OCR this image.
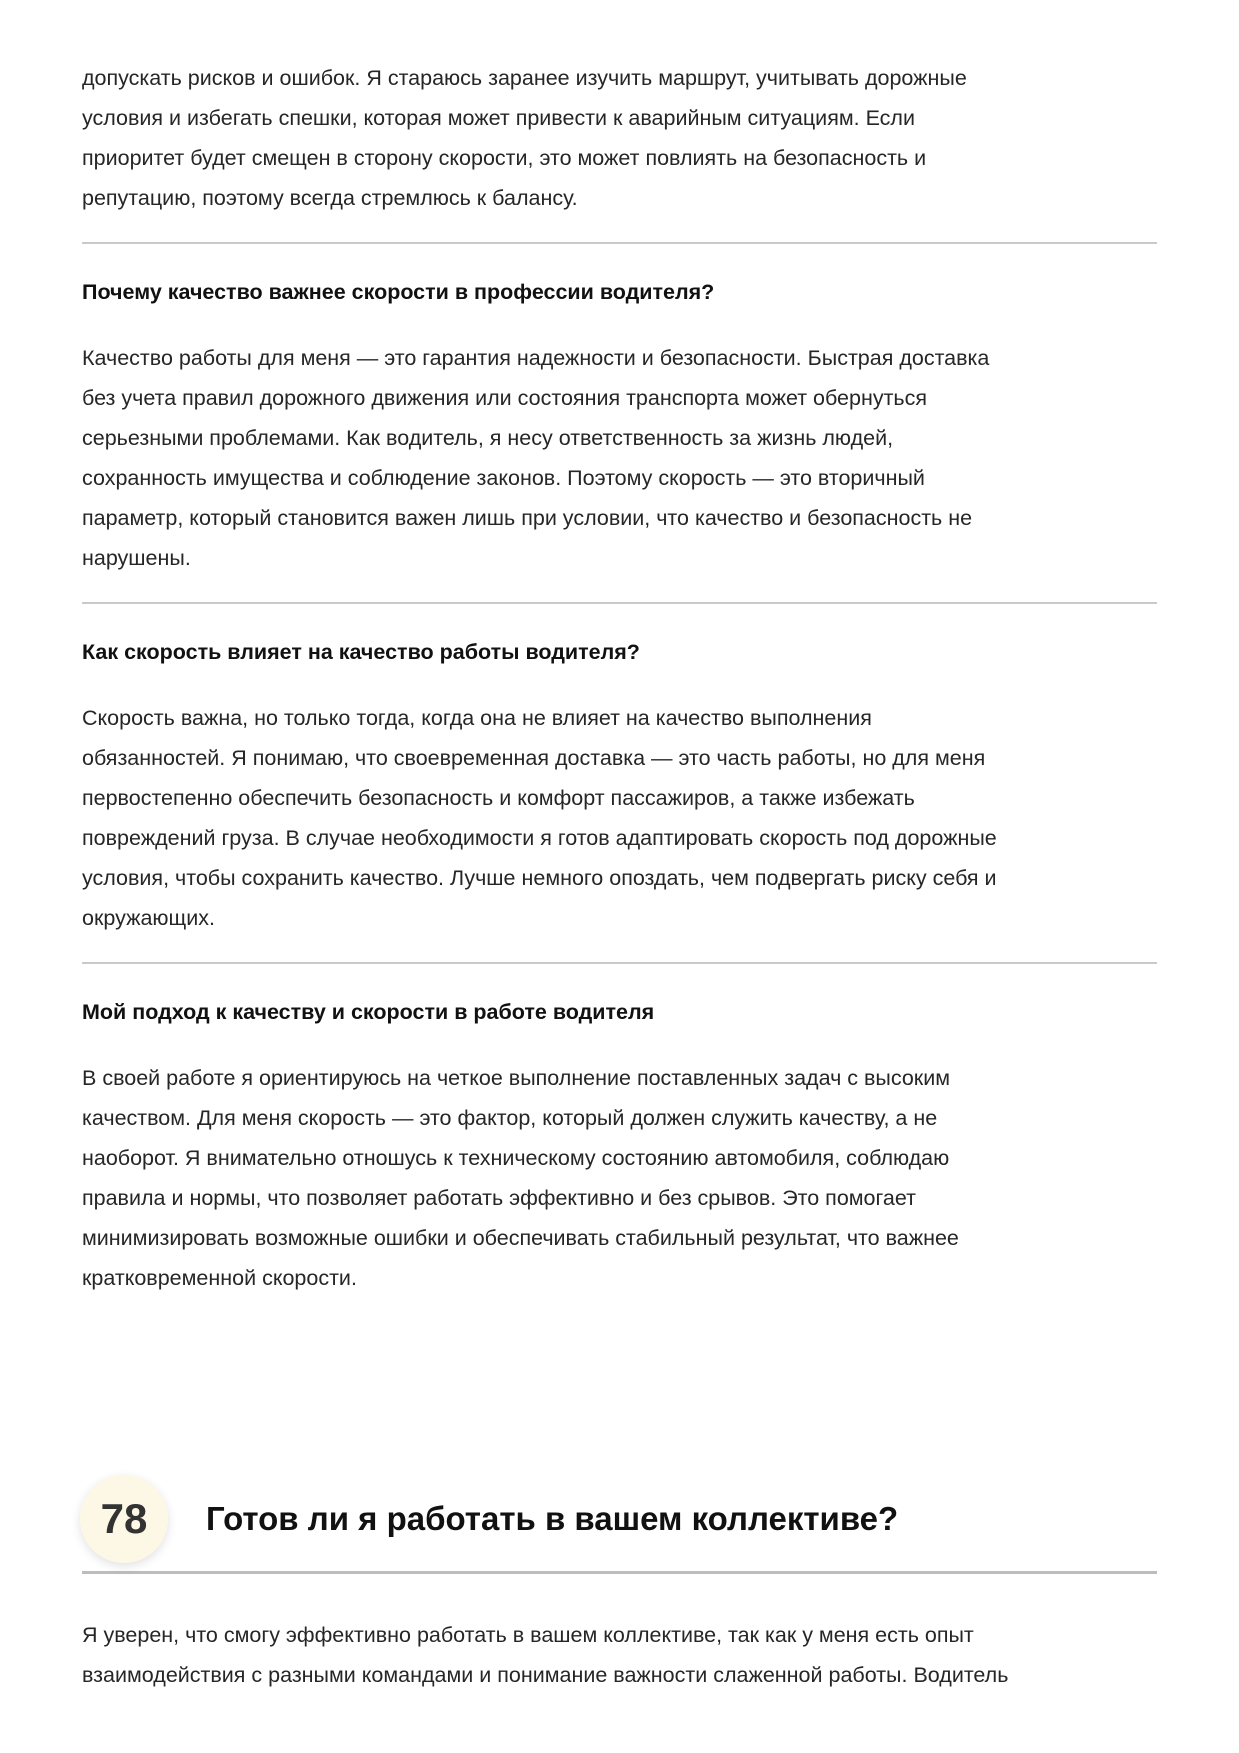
допускать рисков и ошибок. Я стараюсь заранее изучить маршрут, учитывать дорожные
условия и избегать спешки, которая может привести к аварийным ситуациям. Если
приоритет будет смещен в сторону скорости, это может повлиять на безопасность и
репутацию, поэтому всегда стремлюсь к балансу.

Почему качество важнее скорости в профессии водителя?

Качество работы для меня — это гарантия надежности и безопасности. Быстрая доставка
без учета правил дорожного движения или состояния транспорта может обернуться
серьезными проблемами. Как водитель, я несу ответственность за жизнь людей,
сохранность имущества и соблюдение законов. Поэтому скорость — это вторичный
параметр, который становится важен лишь при условии, что качество и безопасность не
нарушены.

Как скорость влияет на качество работы водителя?

Скорость важна, но только тогда, когда она не влияет на качество выполнения
обязанностей. Я понимаю, что своевременная доставка — это часть работы, но для меня
первостепенно обеспечить безопасность и комфорт пассажиров, а также избежать
повреждений груза. В случае необходимости я готов адаптировать скорость под дорожные
условия, чтобы сохранить качество. Лучше немного опоздать, чем подвергать риску себя и
окружающих.

Мой подход к качеству и скорости в работе водителя

В своей работе я ориентируюсь на четкое выполнение поставленных задач с высоким
качеством. Для меня скорость — это фактор, который должен служить качеству, а не
наоборот. Я внимательно отношусь к техническому состоянию автомобиля, соблюдаю
правила и нормы, что позволяет работать эффективно и без срывов. Это помогает
минимизировать возможные ошибки и обеспечивать стабильный результат, что важнее
кратковременной скорости.

78	Готов ли я работать в вашем коллективе?

Я уверен, что смогу эффективно работать в вашем коллективе, так как у меня есть опыт
взаимодействия с разными командами и понимание важности слаженной работы. Водитель
